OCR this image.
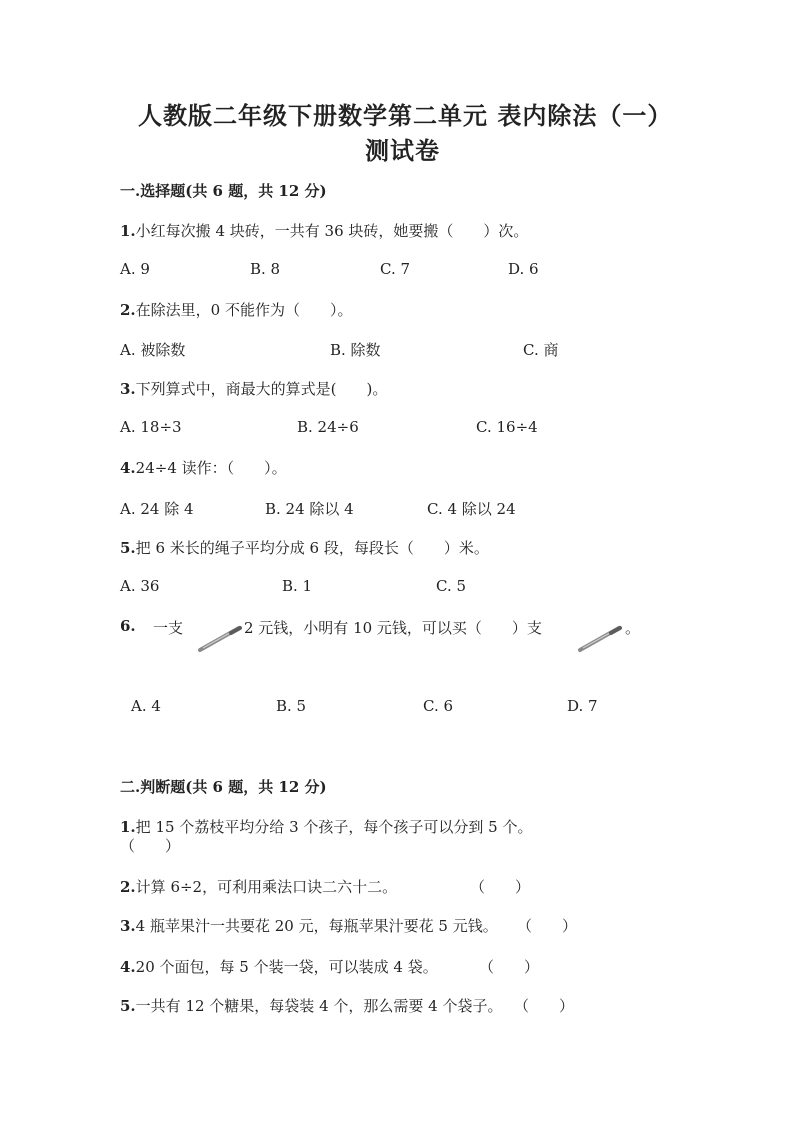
人教版二年级下册数学第二单元 表内除法（一）
测试卷
一.选择题(共 6 题，共 12 分)
1.小红每次搬 4 块砖，一共有 36 块砖，她要搬（　　）次。
A. 9	B. 8	C. 7	D. 6
2.在除法里，0 不能作为（　　）。
A. 被除数	B. 除数	C. 商
3.下列算式中，商最大的算式是(　　)。
A. 18÷3	B. 24÷6	C. 16÷4
4.24÷4 读作：（　　）。
A. 24 除 4	B. 24 除以 4	C. 4 除以 24
5.把 6 米长的绳子平均分成 6 段，每段长（　　）米。
A. 36	B. 1	C. 5
6. 一支	2 元钱，小明有 10 元钱，可以买（　　）支	。
A. 4	B. 5	C. 6	D. 7
二.判断题(共 6 题，共 12 分)
1.把 15 个荔枝平均分给 3 个孩子，每个孩子可以分到 5 个。
（　　）
2.计算 6÷2，可利用乘法口诀二六十二。	（　　）
3.4 瓶苹果汁一共要花 20 元，每瓶苹果汁要花 5 元钱。 （　　）
4.20 个面包，每 5 个装一袋，可以装成 4 袋。	（　　）
5.一共有 12 个糖果，每袋装 4 个，那么需要 4 个袋子。 （　　）
